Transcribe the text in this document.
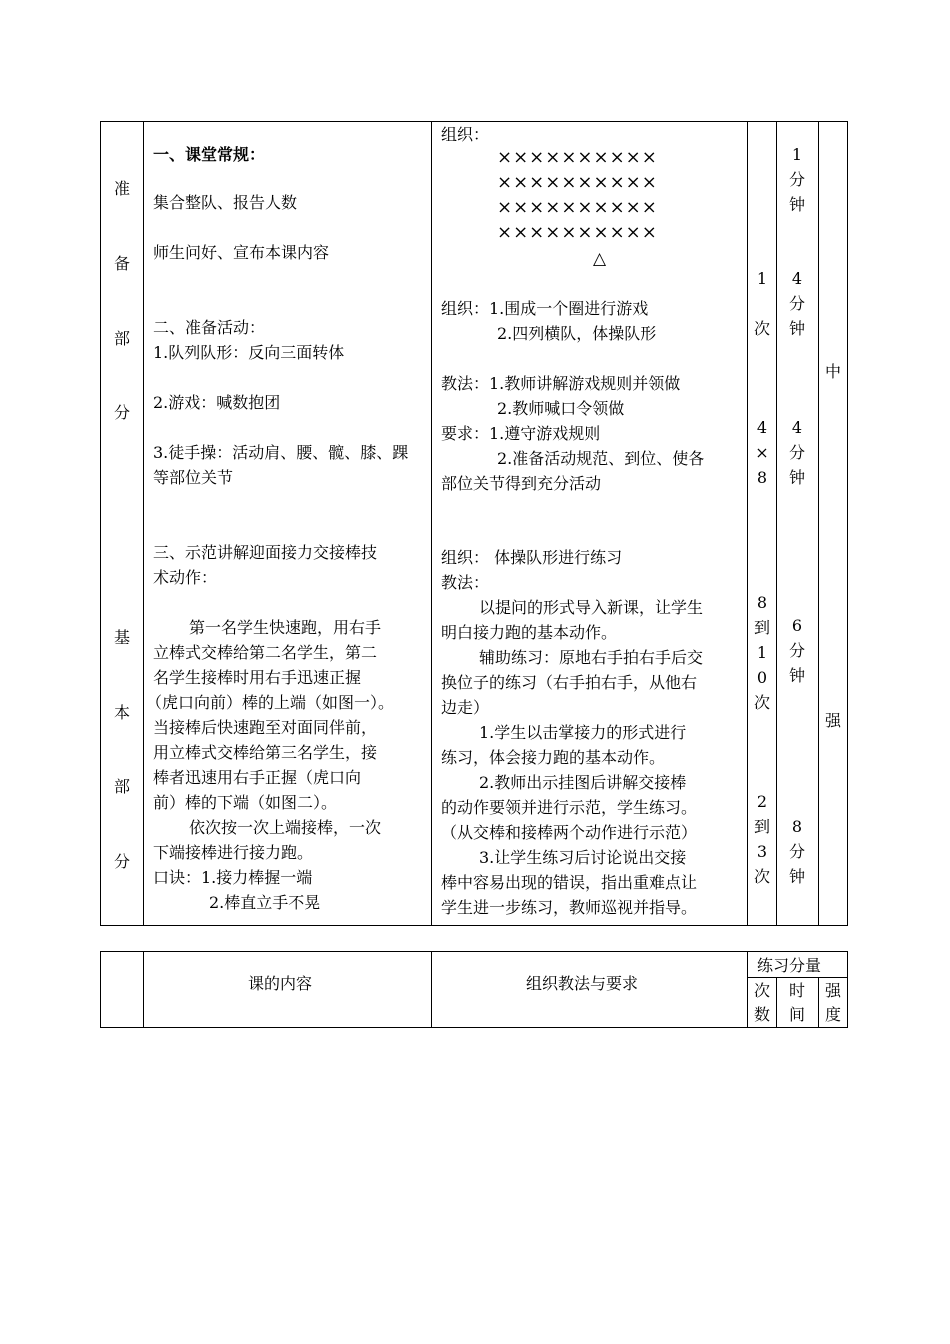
准
备
部
分
基
本
部
分
一、课堂常规：
集合整队、报告人数
师生问好、宣布本课内容
二、准备活动：
1.队列队形：反向三面转体
2.游戏：喊数抱团
3.徒手操：活动肩、腰、髋、膝、踝
等部位关节
三、示范讲解迎面接力交接棒技
术动作：
第一名学生快速跑，用右手
立棒式交棒给第二名学生，第二
名学生接棒时用右手迅速正握
（虎口向前）棒的上端（如图一）。
当接棒后快速跑至对面同伴前，
用立棒式交棒给第三名学生，接
棒者迅速用右手正握（虎口向
前）棒的下端（如图二）。
依次按一次上端接棒，一次
下端接棒进行接力跑。
口诀：1.接力棒握一端
2.棒直立手不晃
组织：
××××××××××
××××××××××
××××××××××
××××××××××
△
组织：1.围成一个圈进行游戏
2.四列横队，体操队形
教法：1.教师讲解游戏规则并领做
2.教师喊口令领做
要求：1.遵守游戏规则
2.准备活动规范、到位、使各
部位关节得到充分活动
组织： 体操队形进行练习
教法：
以提问的形式导入新课，让学生
明白接力跑的基本动作。
辅助练习：原地右手拍右手后交
换位子的练习（右手拍右手，从他右
边走）
1.学生以击掌接力的形式进行
练习，体会接力跑的基本动作。
2.教师出示挂图后讲解交接棒
的动作要领并进行示范，学生练习。
（从交棒和接棒两个动作进行示范）
3.让学生练习后讨论说出交接
棒中容易出现的错误，指出重难点让
学生进一步练习，教师巡视并指导。
1
次
4
×
8
8
到
1
0
次
2
到
3
次
1
分
钟
4
分
钟
4
分
钟
6
分
钟
8
分
钟
中
强
课的内容	组织教法与要求
练习分量
次
数
时
间
强
度
